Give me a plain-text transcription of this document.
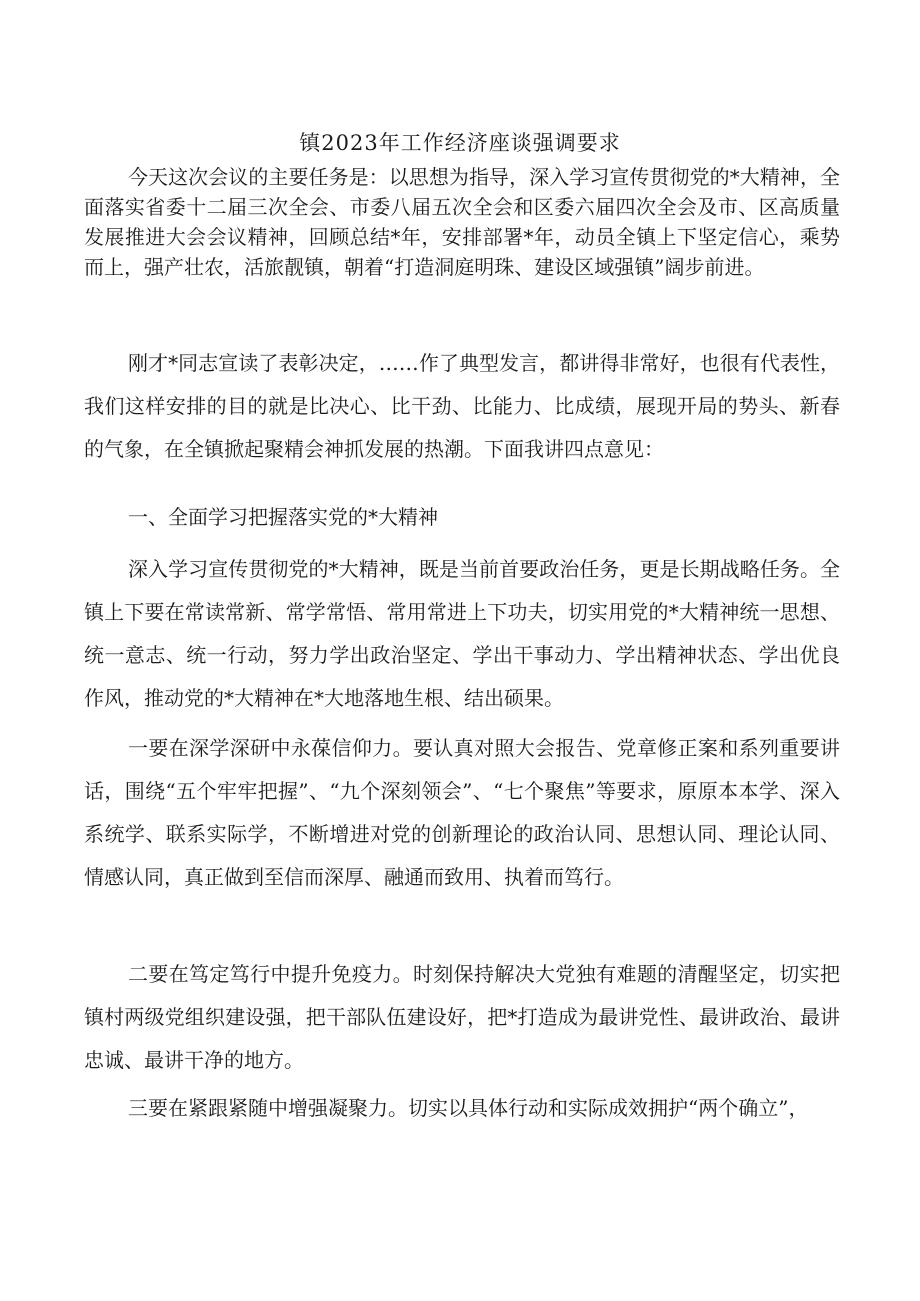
镇2023年工作经济座谈强调要求

今天这次会议的主要任务是：以思想为指导，深入学习宣传贯彻党的*大精神，全面落实省委十二届三次全会、市委八届五次全会和区委六届四次全会及市、区高质量发展推进大会会议精神，回顾总结*年，安排部署*年，动员全镇上下坚定信心，乘势而上，强产壮农，活旅靓镇，朝着“打造洞庭明珠、建设区域强镇”阔步前进。

刚才*同志宣读了表彰决定，……作了典型发言，都讲得非常好，也很有代表性，我们这样安排的目的就是比决心、比干劲、比能力、比成绩，展现开局的势头、新春的气象，在全镇掀起聚精会神抓发展的热潮。下面我讲四点意见：

一、全面学习把握落实党的*大精神

深入学习宣传贯彻党的*大精神，既是当前首要政治任务，更是长期战略任务。全镇上下要在常读常新、常学常悟、常用常进上下功夫，切实用党的*大精神统一思想、统一意志、统一行动，努力学出政治坚定、学出干事动力、学出精神状态、学出优良作风，推动党的*大精神在*大地落地生根、结出硕果。

一要在深学深研中永葆信仰力。要认真对照大会报告、党章修正案和系列重要讲话，围绕“五个牢牢把握”、“九个深刻领会”、“七个聚焦”等要求，原原本本学、深入系统学、联系实际学，不断增进对党的创新理论的政治认同、思想认同、理论认同、情感认同，真正做到至信而深厚、融通而致用、执着而笃行。

二要在笃定笃行中提升免疫力。时刻保持解决大党独有难题的清醒坚定，切实把镇村两级党组织建设强，把干部队伍建设好，把*打造成为最讲党性、最讲政治、最讲忠诚、最讲干净的地方。

三要在紧跟紧随中增强凝聚力。切实以具体行动和实际成效拥护“两个确立”，
